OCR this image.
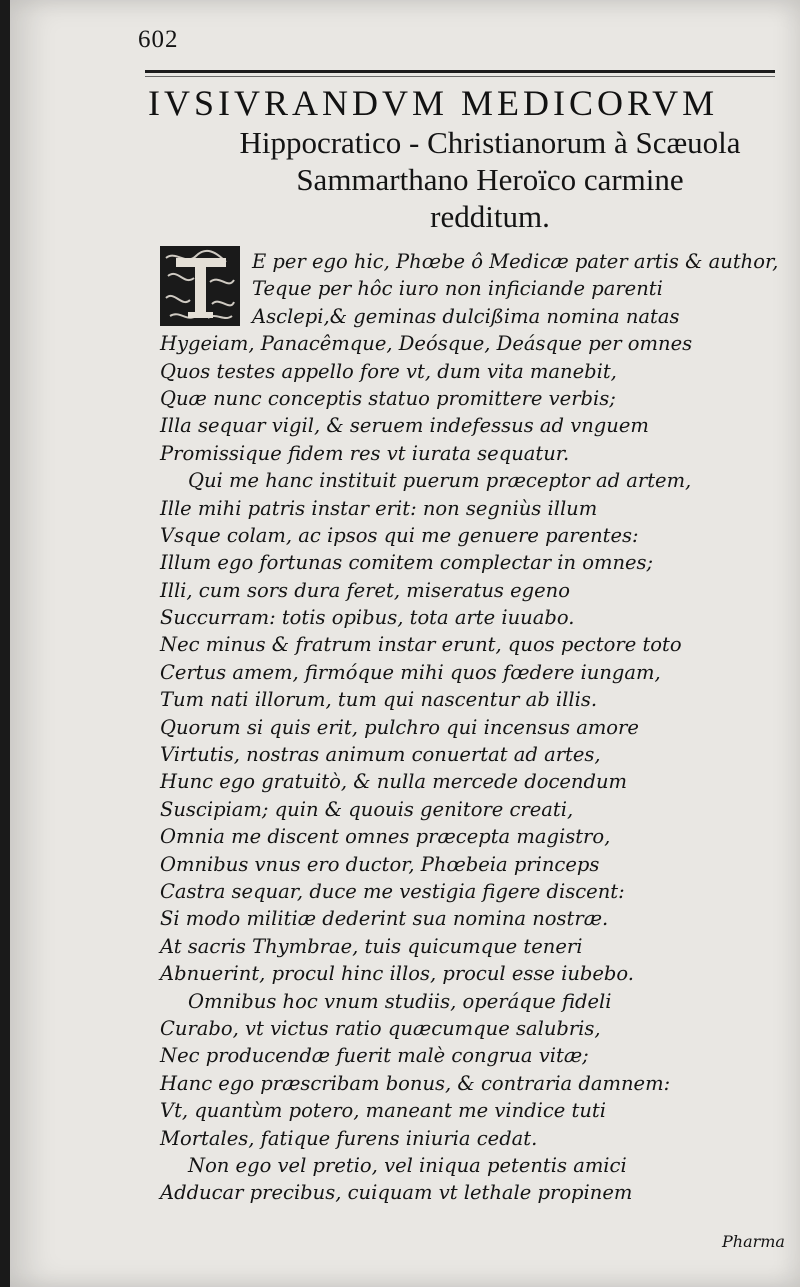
602
IVSIVRANDVM MEDICORVM
Hippocratico - Christianorum à Scæuola
Sammarthano Heroïco carmine
redditum.
E per ego hic, Phœbe ô Medicæ pater artis & author,
Teque per hôc iuro non inficiande parenti
Asclepi,& geminas dulcißima nomina natas
Hygeiam, Panacêmque, Deósque, Deásque per omnes
Quos testes appello fore vt, dum vita manebit,
Quæ nunc conceptis statuo promittere verbis;
Illa sequar vigil, & seruem indefessus ad vnguem
Promissique fidem res vt iurata sequatur.
Qui me hanc instituit puerum præceptor ad artem,
Ille mihi patris instar erit: non segniùs illum
Vsque colam, ac ipsos qui me genuere parentes:
Illum ego fortunas comitem complectar in omnes;
Illi, cum sors dura feret, miseratus egeno
Succurram: totis opibus, tota arte iuuabo.
Nec minus & fratrum instar erunt, quos pectore toto
Certus amem, firmóque mihi quos fœdere iungam,
Tum nati illorum, tum qui nascentur ab illis.
Quorum si quis erit, pulchro qui incensus amore
Virtutis, nostras animum conuertat ad artes,
Hunc ego gratuitò, & nulla mercede docendum
Suscipiam; quin & quouis genitore creati,
Omnia me discent omnes præcepta magistro,
Omnibus vnus ero ductor, Phœbeia princeps
Castra sequar, duce me vestigia figere discent:
Si modo militiæ dederint sua nomina nostræ.
At sacris Thymbrae, tuis quicumque teneri
Abnuerint, procul hinc illos, procul esse iubebo.
Omnibus hoc vnum studiis, operáque fideli
Curabo, vt victus ratio quæcumque salubris,
Nec producendæ fuerit malè congrua vitæ;
Hanc ego præscribam bonus, & contraria damnem:
Vt, quantùm potero, maneant me vindice tuti
Mortales, fatique furens iniuria cedat.
Non ego vel pretio, vel iniqua petentis amici
Adducar precibus, cuiquam vt lethale propinem
Pharma
